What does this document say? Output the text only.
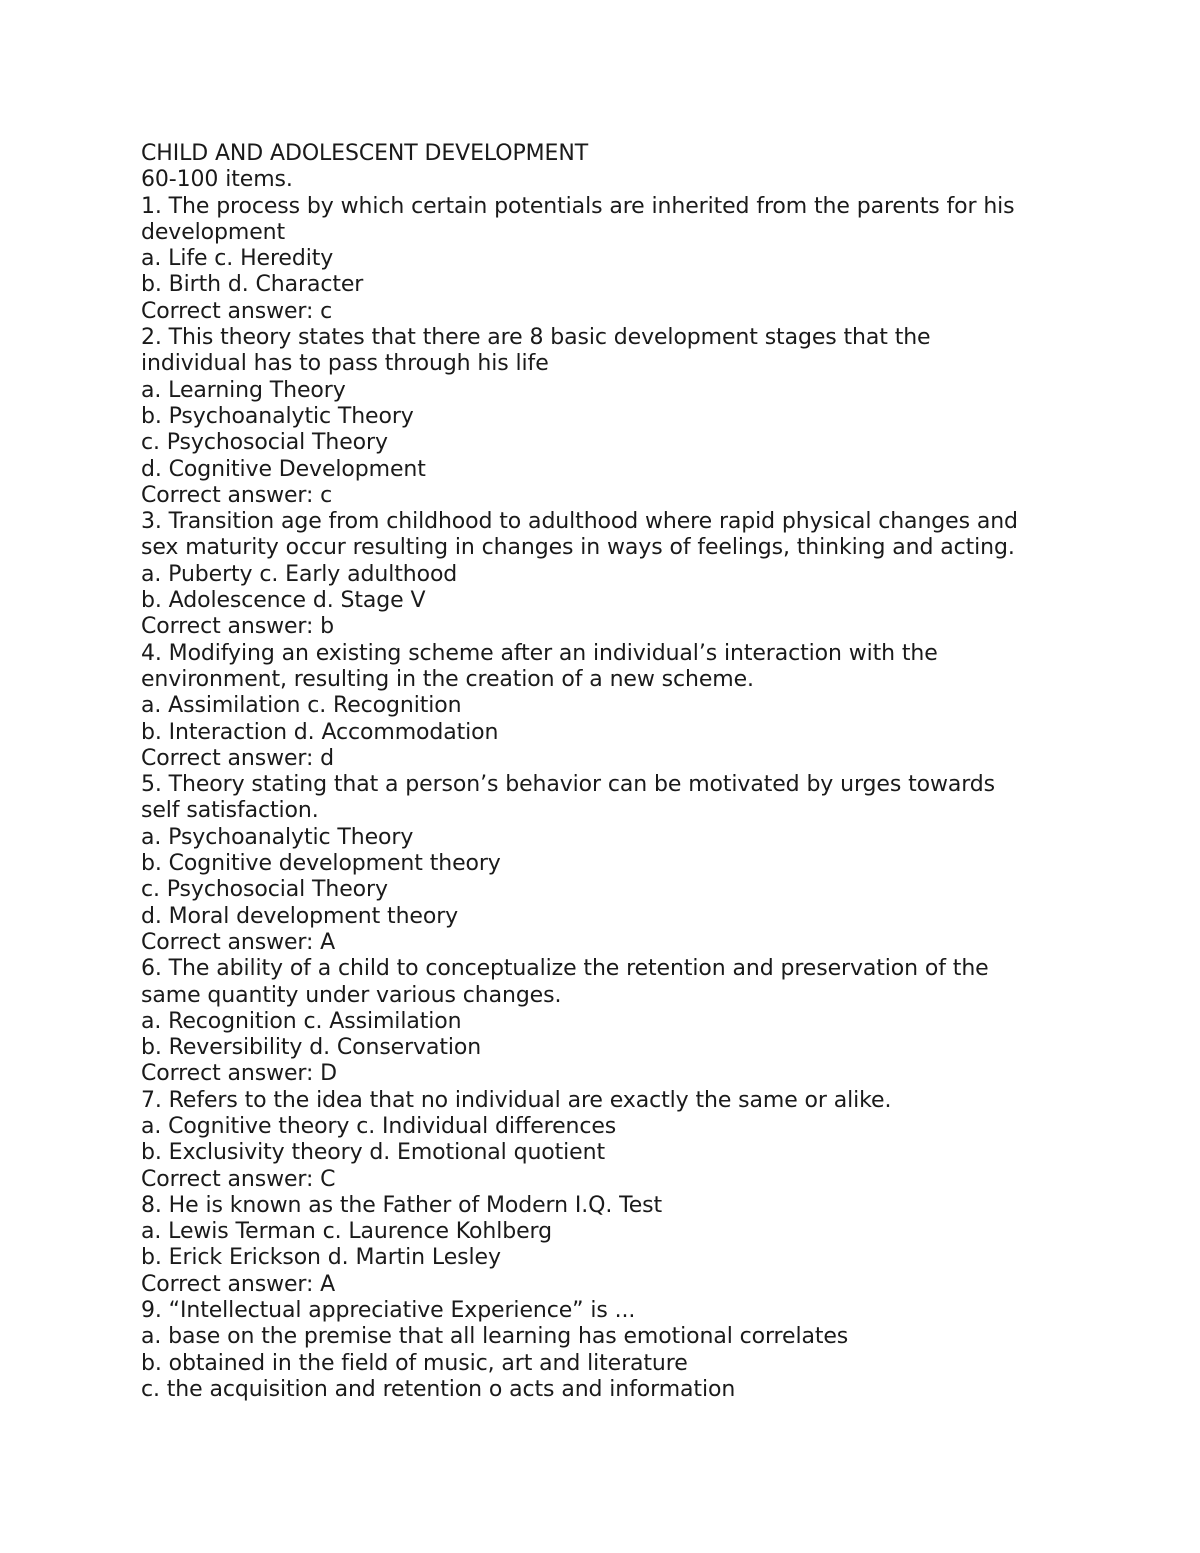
CHILD AND ADOLESCENT DEVELOPMENT
60-100 items.
1. The process by which certain potentials are inherited from the parents for his
development
a. Life c. Heredity
b. Birth d. Character
Correct answer: c
2. This theory states that there are 8 basic development stages that the
individual has to pass through his life
a. Learning Theory
b. Psychoanalytic Theory
c. Psychosocial Theory
d. Cognitive Development
Correct answer: c
3. Transition age from childhood to adulthood where rapid physical changes and
sex maturity occur resulting in changes in ways of feelings, thinking and acting.
a. Puberty c. Early adulthood
b. Adolescence d. Stage V
Correct answer: b
4. Modifying an existing scheme after an individual’s interaction with the
environment, resulting in the creation of a new scheme.
a. Assimilation c. Recognition
b. Interaction d. Accommodation
Correct answer: d
5. Theory stating that a person’s behavior can be motivated by urges towards
self satisfaction.
a. Psychoanalytic Theory
b. Cognitive development theory
c. Psychosocial Theory
d. Moral development theory
Correct answer: A
6. The ability of a child to conceptualize the retention and preservation of the
same quantity under various changes.
a. Recognition c. Assimilation
b. Reversibility d. Conservation
Correct answer: D
7. Refers to the idea that no individual are exactly the same or alike.
a. Cognitive theory c. Individual differences
b. Exclusivity theory d. Emotional quotient
Correct answer: C
8. He is known as the Father of Modern I.Q. Test
a. Lewis Terman c. Laurence Kohlberg
b. Erick Erickson d. Martin Lesley
Correct answer: A
9. “Intellectual appreciative Experience” is ...
a. base on the premise that all learning has emotional correlates
b. obtained in the field of music, art and literature
c. the acquisition and retention o acts and information
